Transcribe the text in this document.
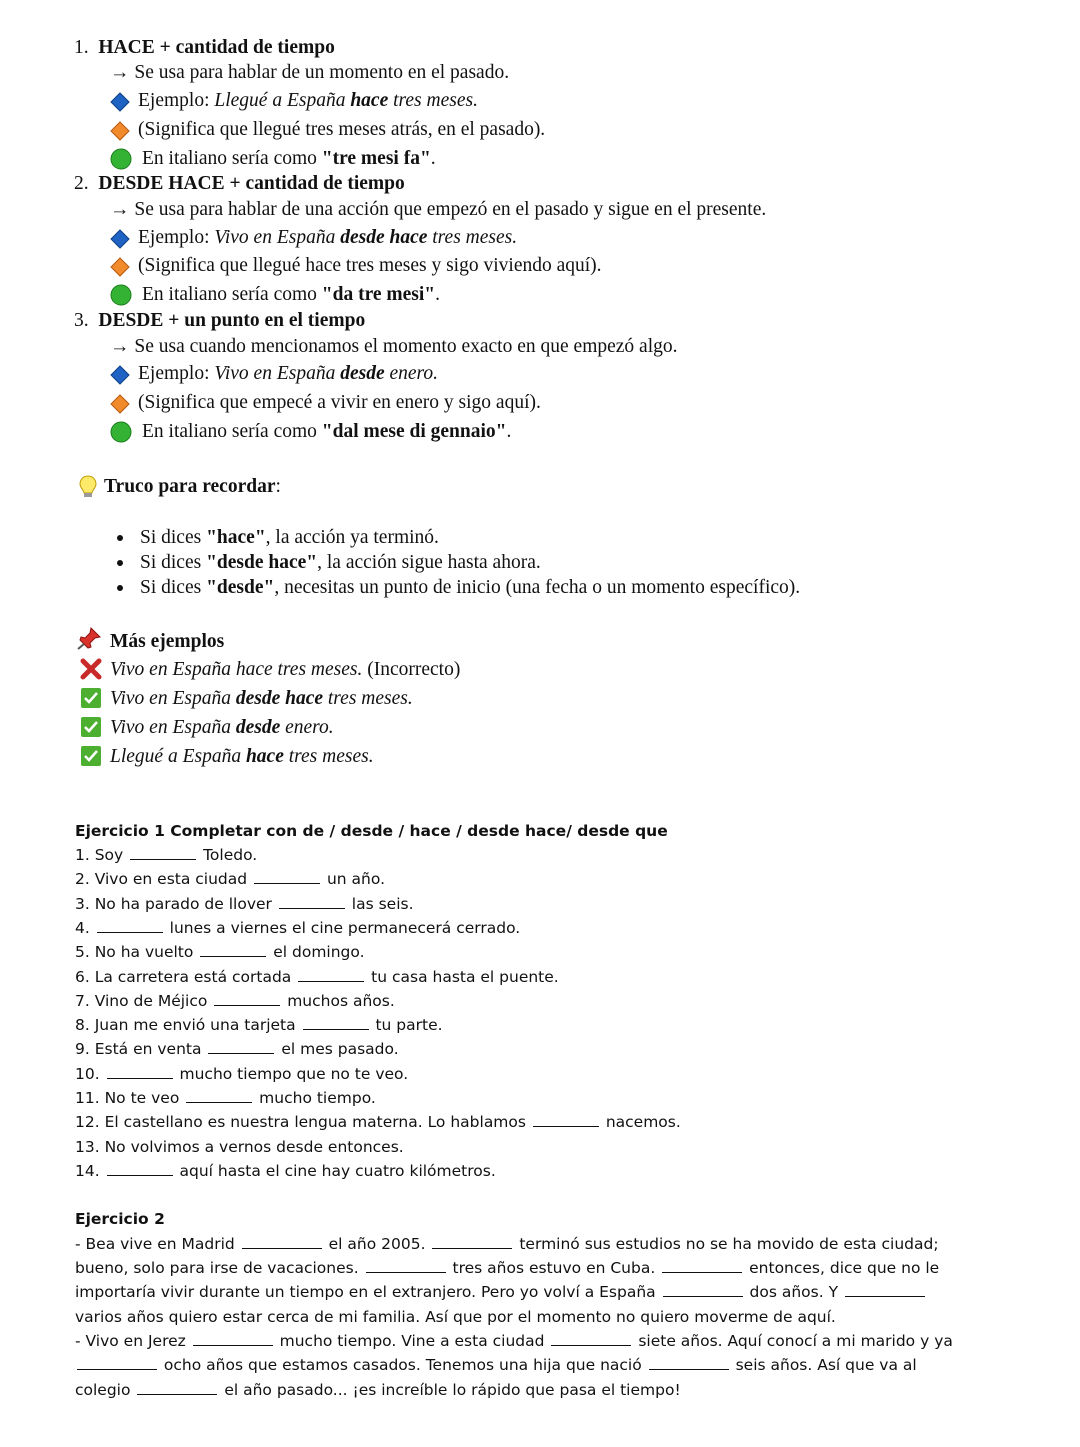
1. HACE + cantidad de tiempo
→ Se usa para hablar de un momento en el pasado.
Ejemplo: Llegué a España hace tres meses.
(Significa que llegué tres meses atrás, en el pasado).
En italiano sería como "tre mesi fa".
2. DESDE HACE + cantidad de tiempo
→ Se usa para hablar de una acción que empezó en el pasado y sigue en el presente.
Ejemplo: Vivo en España desde hace tres meses.
(Significa que llegué hace tres meses y sigo viviendo aquí).
En italiano sería como "da tre mesi".
3. DESDE + un punto en el tiempo
→ Se usa cuando mencionamos el momento exacto en que empezó algo.
Ejemplo: Vivo en España desde enero.
(Significa que empecé a vivir en enero y sigo aquí).
En italiano sería como "dal mese di gennaio".
Truco para recordar:
Si dices "hace", la acción ya terminó.
Si dices "desde hace", la acción sigue hasta ahora.
Si dices "desde", necesitas un punto de inicio (una fecha o un momento específico).
Más ejemplos
Vivo en España hace tres meses. (Incorrecto)
Vivo en España desde hace tres meses.
Vivo en España desde enero.
Llegué a España hace tres meses.
Ejercicio 1 Completar con de / desde / hace / desde hace/ desde que
1. Soy	Toledo.
2. Vivo en esta ciudad	un año.
3. No ha parado de llover	las seis.
4.	lunes a viernes el cine permanecerá cerrado.
5. No ha vuelto	el domingo.
6. La carretera está cortada	tu casa hasta el puente.
7. Vino de Méjico	muchos años.
8. Juan me envió una tarjeta	tu parte.
9. Está en venta	el mes pasado.
10.	mucho tiempo que no te veo.
11. No te veo	mucho tiempo.
12. El castellano es nuestra lengua materna. Lo hablamos	nacemos.
13. No volvimos a vernos desde entonces.
14.	aquí hasta el cine hay cuatro kilómetros.
Ejercicio 2
- Bea vive en Madrid	el año 2005.	terminó sus estudios no se ha movido de esta ciudad;
bueno, solo para irse de vacaciones.	tres años estuvo en Cuba.	entonces, dice que no le
importaría vivir durante un tiempo en el extranjero. Pero yo volví a España	dos años. Y
varios años quiero estar cerca de mi familia. Así que por el momento no quiero moverme de aquí.
- Vivo en Jerez	mucho tiempo. Vine a esta ciudad	siete años. Aquí conocí a mi marido y ya
ocho años que estamos casados. Tenemos una hija que nació	seis años. Así que va al
colegio	el año pasado... ¡es increíble lo rápido que pasa el tiempo!
